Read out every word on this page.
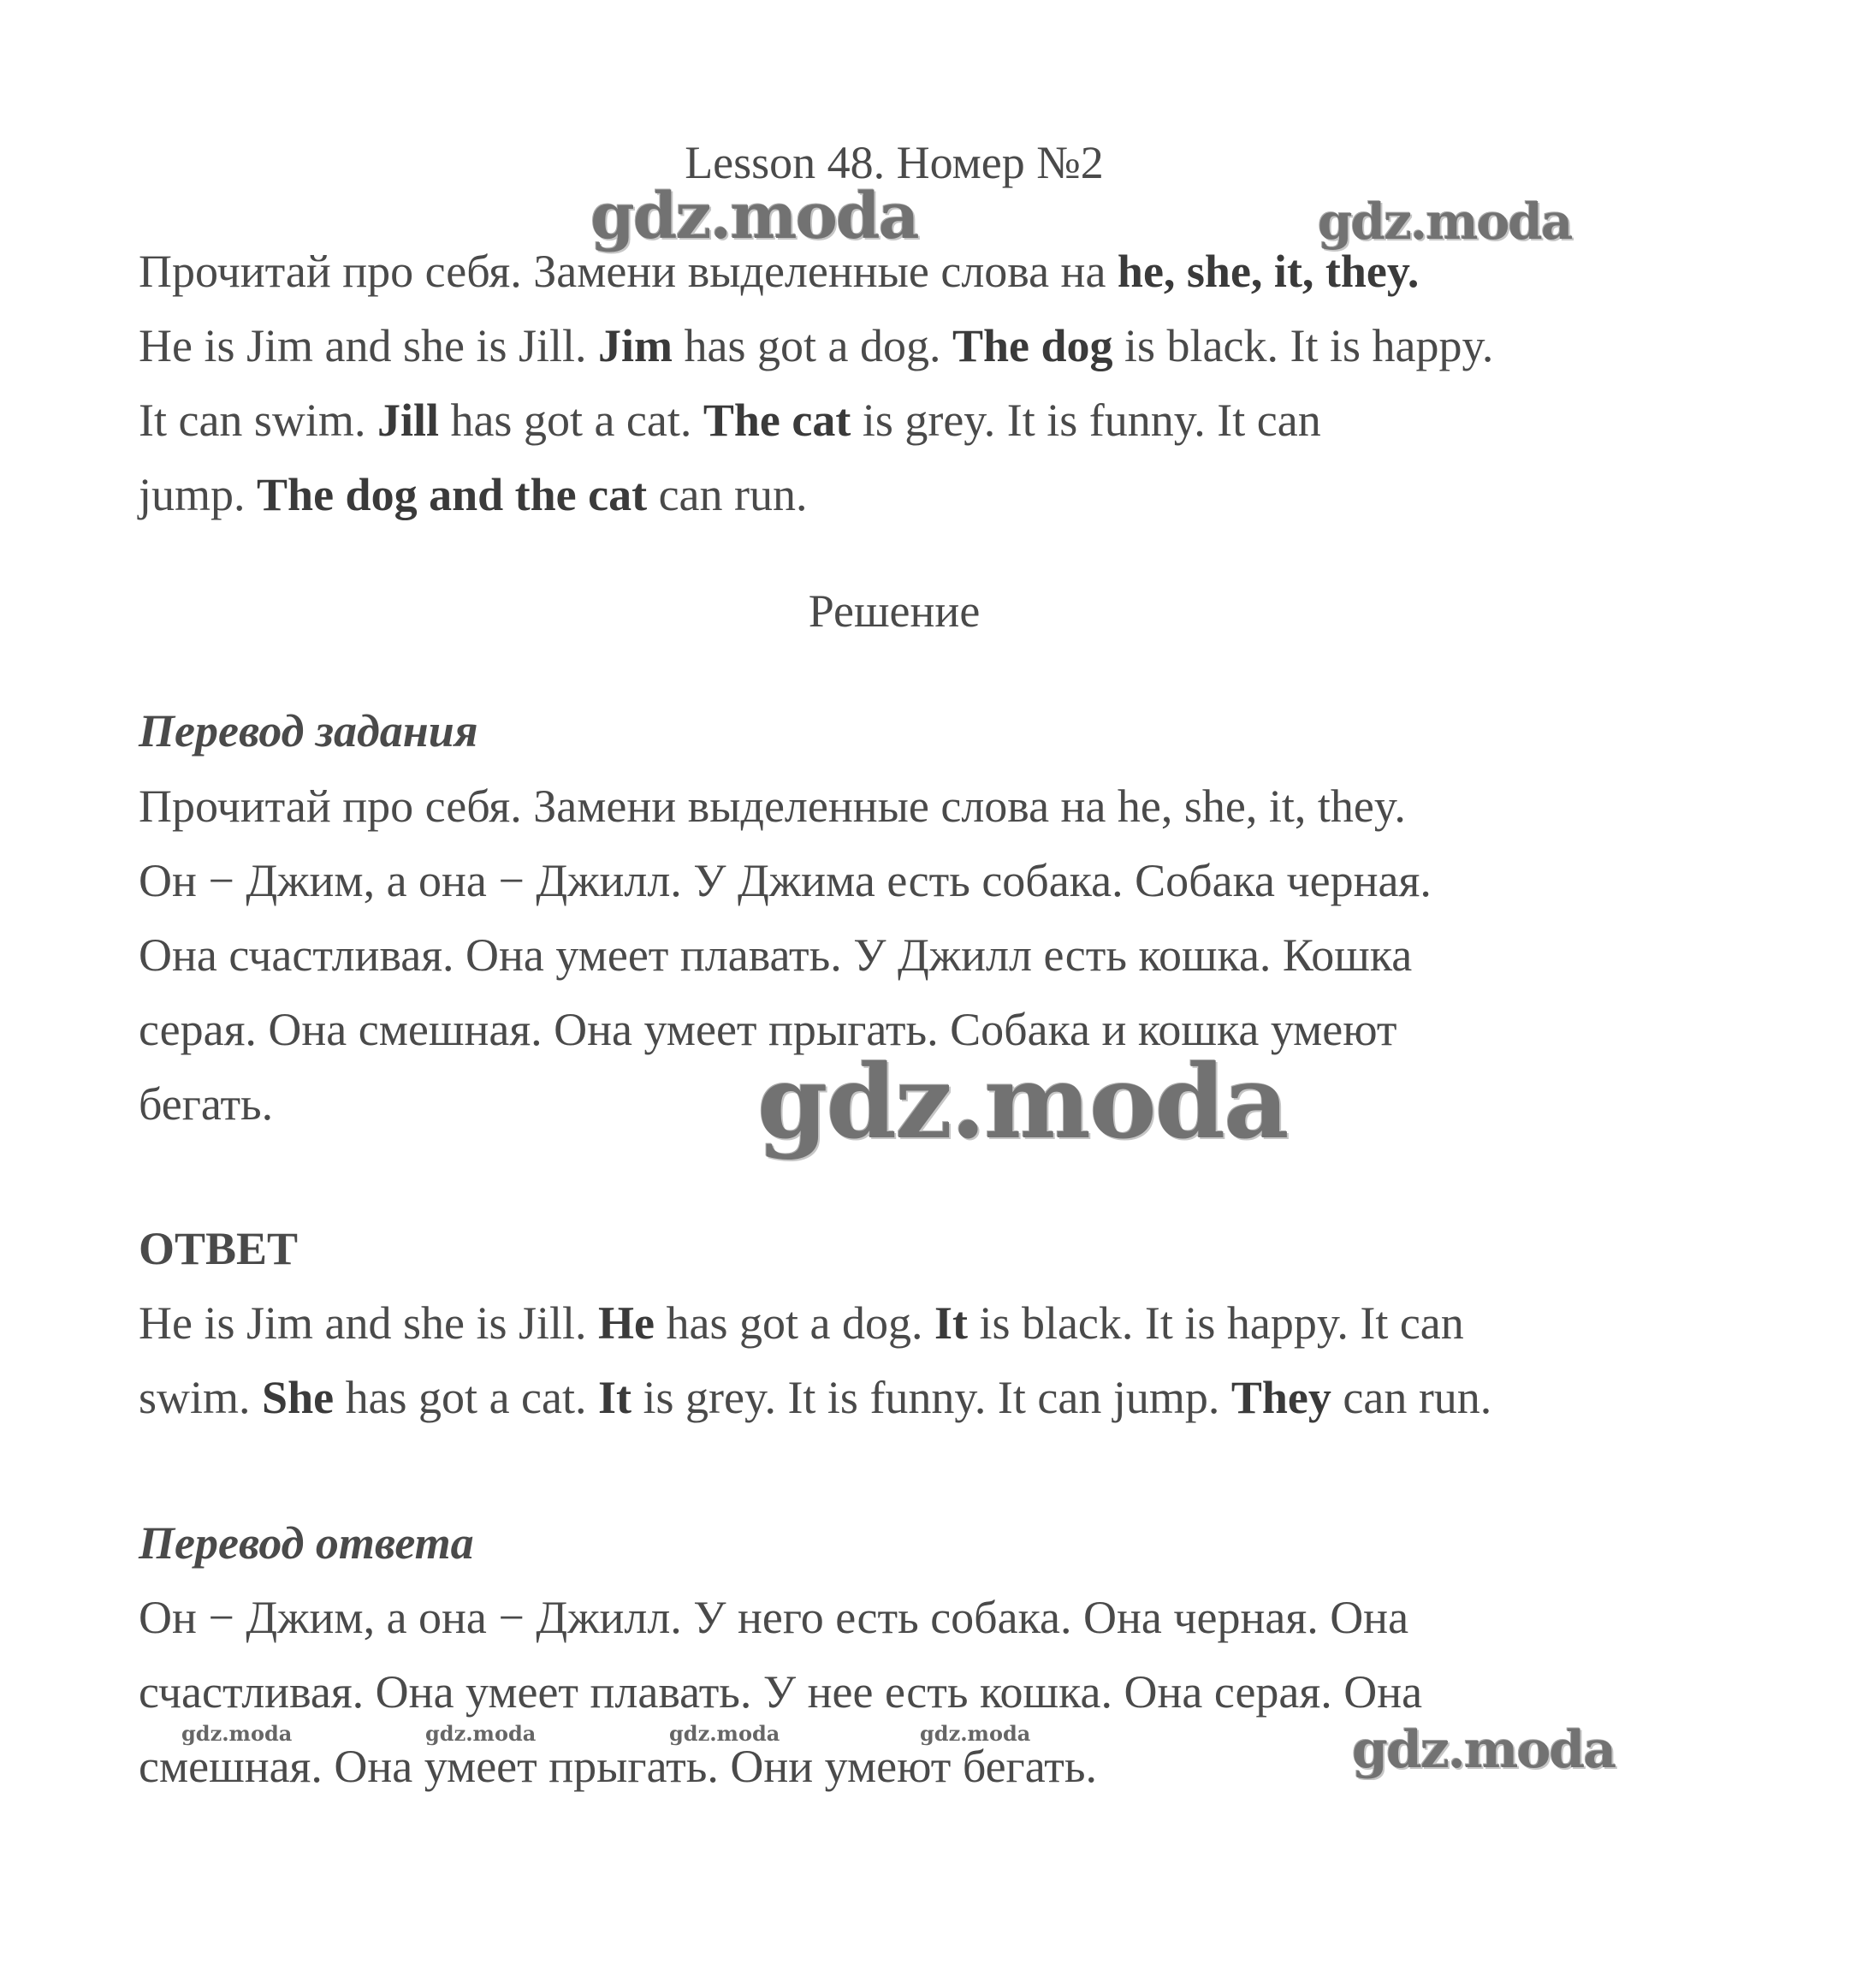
Lesson 48. Номер №2
Прочитай про себя. Замени выделенные слова на he, she, it, they.
He is Jim and she is Jill. Jim has got a dog. The dog is black. It is happy.
It can swim. Jill has got a cat. The cat is grey. It is funny. It can
jump. The dog and the cat can run.
Решение
Перевод задания
Прочитай про себя. Замени выделенные слова на he, she, it, they.
Он − Джим, а она − Джилл. У Джима есть собака. Собака черная.
Она счастливая. Она умеет плавать. У Джилл есть кошка. Кошка
серая. Она смешная. Она умеет прыгать. Собака и кошка умеют
бегать.
ОТВЕТ
He is Jim and she is Jill. He has got a dog. It is black. It is happy. It can
swim. She has got a cat. It is grey. It is funny. It can jump. They can run.
Перевод ответа
Он − Джим, а она − Джилл. У него есть собака. Она черная. Она
счастливая. Она умеет плавать. У нее есть кошка. Она серая. Она
смешная. Она умеет прыгать. Они умеют бегать.
gdz.moda	gdz.moda
gdz.moda
gdz.moda
gdz.moda	gdz.moda	gdz.moda	gdz.moda
